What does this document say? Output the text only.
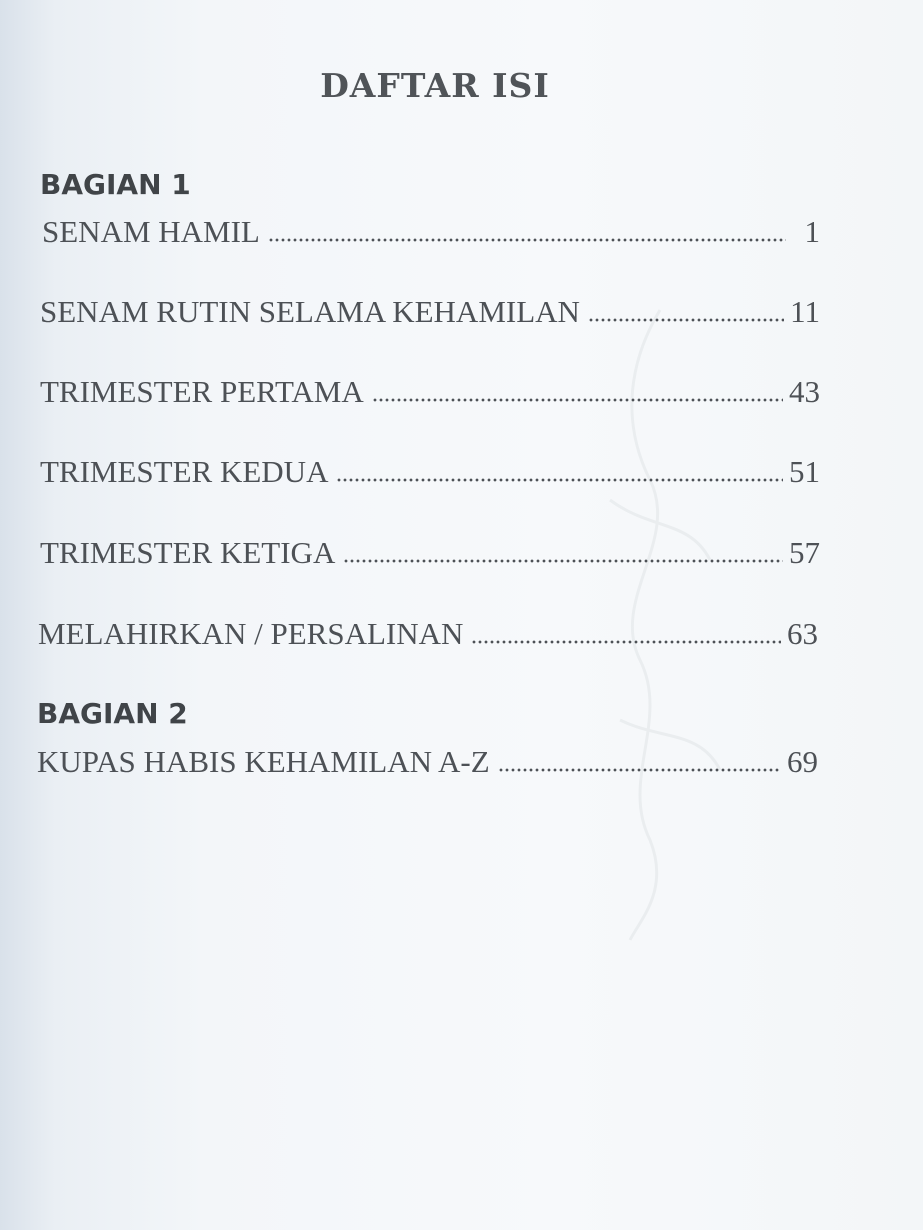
DAFTAR ISI
BAGIAN 1
SENAM HAMIL	1
SENAM RUTIN SELAMA KEHAMILAN	11
TRIMESTER PERTAMA	43
TRIMESTER KEDUA	51
TRIMESTER KETIGA	57
MELAHIRKAN / PERSALINAN	63
BAGIAN 2
KUPAS HABIS KEHAMILAN A-Z	69
